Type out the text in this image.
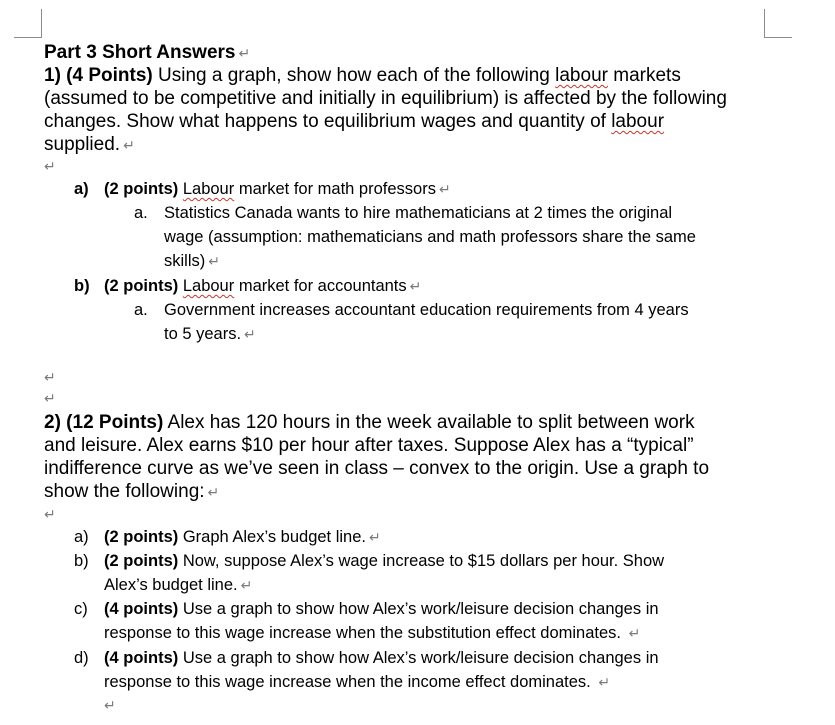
Part 3 Short Answers ↵
1) (4 Points) Using a graph, show how each of the following labour markets
(assumed to be competitive and initially in equilibrium) is affected by the following
changes. Show what happens to equilibrium wages and quantity of labour
supplied. ↵
↵
a) (2 points) Labour market for math professors ↵
a. Statistics Canada wants to hire mathematicians at 2 times the original
wage (assumption: mathematicians and math professors share the same
skills) ↵
b) (2 points) Labour market for accountants ↵
a. Government increases accountant education requirements from 4 years
to 5 years. ↵
↵
↵
2) (12 Points) Alex has 120 hours in the week available to split between work
and leisure. Alex earns $10 per hour after taxes. Suppose Alex has a “typical”
indifference curve as we’ve seen in class – convex to the origin. Use a graph to
show the following: ↵
↵
a) (2 points) Graph Alex’s budget line. ↵
b) (2 points) Now, suppose Alex’s wage increase to $15 dollars per hour. Show
Alex’s budget line. ↵
c) (4 points) Use a graph to show how Alex’s work/leisure decision changes in
response to this wage increase when the substitution effect dominates. ↵
d) (4 points) Use a graph to show how Alex’s work/leisure decision changes in
response to this wage increase when the income effect dominates. ↵
↵
